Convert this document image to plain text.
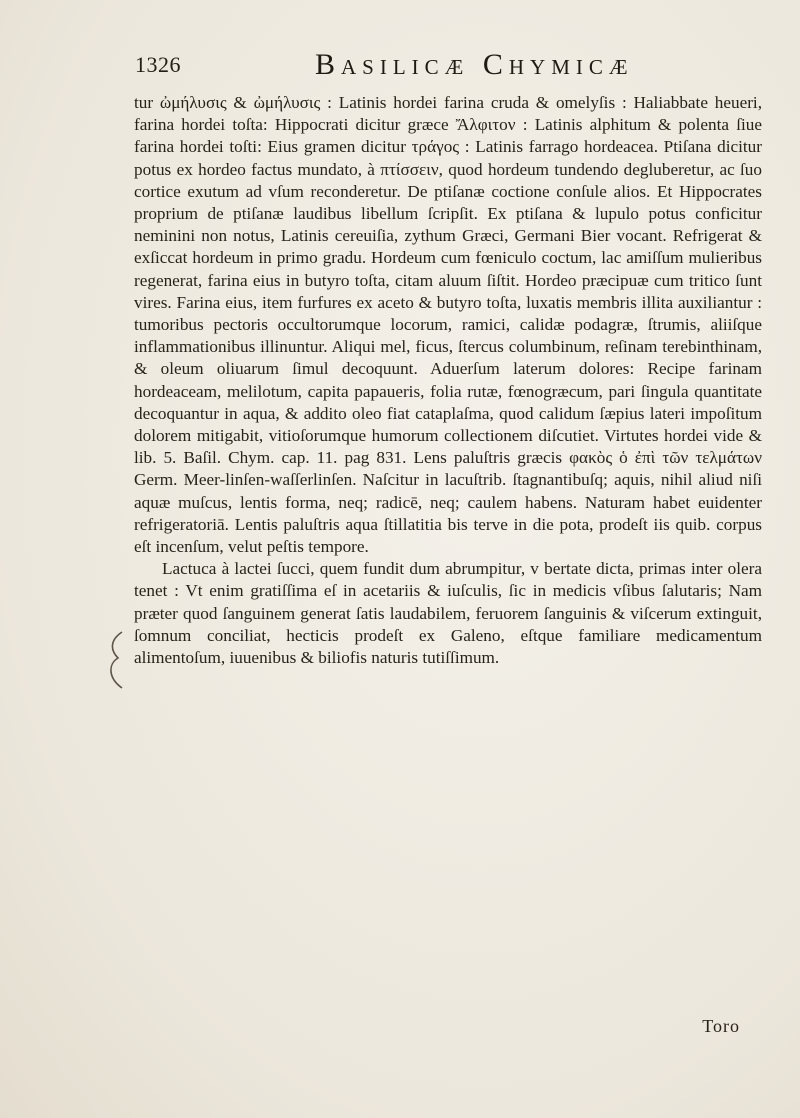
1326	Basilicæ Chymicæ

tur ὠμήλυσις & ὠμήλυσις : Latinis hordei farina cruda & omelyſis : Haliabbate heueri, farina hordei toſta: Hippocrati dicitur græce Ἄλφιτον : Latinis alphitum & polenta ſiue farina hordei toſti: Eius gramen dicitur τράγος : Latinis farrago hordeacea. Ptiſana dicitur potus ex hordeo factus mundato, à πτίσσειν, quod hordeum tundendo degluberetur, ac ſuo cortice exutum ad vſum reconderetur. De ptiſanæ coctione conſule alios. Et Hippocrates proprium de ptiſanæ laudibus libellum ſcripſit. Ex ptiſana & lupulo potus conficitur neminini non notus, Latinis cereuiſia, zythum Græci, Germani Bier vocant. Refrigerat & exſiccat hordeum in primo gradu. Hordeum cum fœniculo coctum, lac amiſſum mulieribus regenerat, farina eius in butyro toſta, citam aluum ſiſtit. Hordeo præcipuæ cum tritico ſunt vires. Farina eius, item furfures ex aceto & butyro toſta, luxatis membris illita auxiliantur : tumoribus pectoris occultorumque locorum, ramici, calidæ podagræ, ſtrumis, aliiſque inflammationibus illinuntur. Aliqui mel, ficus, ſtercus columbinum, reſinam terebinthinam, & oleum oliuarum ſimul decoquunt. Aduerſum laterum dolores: Recipe farinam hordeaceam, melilotum, capita papaueris, folia rutæ, fœnogræcum, pari ſingula quantitate decoquantur in aqua, & addito oleo fiat cataplaſma, quod calidum ſæpius lateri impoſitum dolorem mitigabit, vitioſorumque humorum collectionem diſcutiet. Virtutes hordei vide & lib. 5. Baſil. Chym. cap. 11. pag 831. Lens paluſtris græcis φακὸς ὁ ἐπὶ τῶν τελμάτων Germ. Meer-linſen-waſſerlinſen. Naſcitur in lacuſtrib. ſtagnantibuſq; aquis, nihil aliud niſi aquæ muſcus, lentis forma, neq; radicē, neq; caulem habens. Naturam habet euidenter refrigeratoriā. Lentis paluſtris aqua ſtillatitia bis terve in die pota, prodeſt iis quib. corpus eſt incenſum, velut peſtis tempore.

Lactuca à lactei ſucci, quem fundit dum abrumpitur, v bertate dicta, primas inter olera tenet : Vt enim gratiſſima eſ in acetariis & iuſculis, ſic in medicis vſibus ſalutaris; Nam præter quod ſanguinem generat ſatis laudabilem, feruorem ſanguinis & viſcerum extinguit, ſomnum conciliat, hecticis prodeſt ex Galeno, eſtque familiare medicamentum alimentoſum, iuuenibus & biliofis naturis tutiſſimum.

Toro
